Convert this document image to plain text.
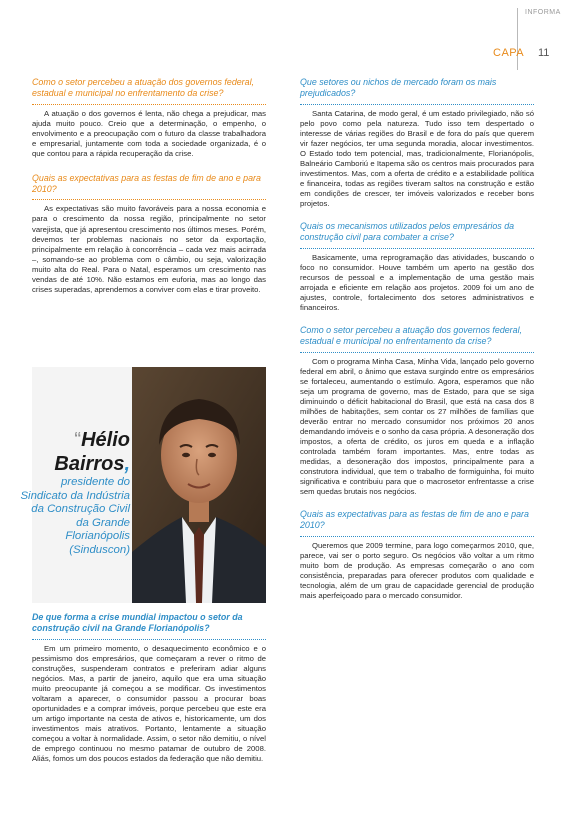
INFORMA
CAPA 11

Como o setor percebeu a atuação dos governos federal, estadual e municipal no enfrentamento da crise?

A atuação o dos governos é lenta, não chega a prejudicar, mas ajuda muito pouco. Creio que a determinação, o empenho, o envolvimento e a preocupação com o futuro da classe trabalhadora e empresarial, juntamente com toda a sociedade organizada, é o que contou para a rápida recuperação da crise.

Quais as expectativas para as festas de fim de ano e para 2010?

As expectativas são muito favoráveis para a nossa economia e para o crescimento da nossa região, principalmente no setor varejista, que já apresentou crescimento nos últimos meses. Porém, devemos ter problemas nacionais no setor da exportação, principalmente em relação à concorrência – cada vez mais acirrada –, somando-se ao problema com o câmbio, ou seja, valorização muito alta do Real. Para o Natal, esperamos um crescimento nas vendas de até 10%. Não estamos em euforia, mas ao longo das crises superadas, aprendemos a conviver com elas e tirar proveito.

“Hélio
Bairros,
presidente do Sindicato da Indústria da Construção Civil da Grande Florianópolis (Sinduscon)

De que forma a crise mundial impactou o setor da construção civil na Grande Florianópolis?

Em um primeiro momento, o desaquecimento econômico e o pessimismo dos empresários, que começaram a rever o ritmo de construções, suspenderam contratos e preferiram adiar alguns negócios. Mas, a partir de janeiro, aquilo que era uma situação muito preocupante já começou a se modificar. Os investimentos voltaram a aparecer, o consumidor passou a procurar boas oportunidades e a comprar imóveis, porque percebeu que este era um artigo importante na cesta de ativos e, historicamente, um dos investimentos mais atrativos. Portanto, lentamente a situação começou a voltar à normalidade. Assim, o setor não demitiu, o nível de emprego continuou no mesmo patamar de outubro de 2008. Aliás, fomos um dos poucos estados da federação que não demitiu.

Que setores ou nichos de mercado foram os mais prejudicados?

Santa Catarina, de modo geral, é um estado privilegiado, não só pelo povo como pela natureza. Tudo isso tem despertado o interesse de várias regiões do Brasil e de fora do país que querem vir fazer negócios, ter uma segunda moradia, alocar investimentos. O Estado todo tem potencial, mas, tradicionalmente, Florianópolis, Balneário Camboriú e Itapema são os centros mais procurados para investimentos. Mas, com a oferta de crédito e a estabilidade política e financeira, todas as regiões tiveram saltos na construção e estão em condições de crescer, ter imóveis valorizados e receber bons projetos.

Quais os mecanismos utilizados pelos empresários da construção civil para combater a crise?

Basicamente, uma reprogramação das atividades, buscando o foco no consumidor. Houve também um aperto na gestão dos recursos de pessoal e a implementação de uma gestão mais arrojada e eficiente em relação aos projetos. 2009 foi um ano de ajustes, controle, fortalecimento dos setores administrativos e financeiros.

Como o setor percebeu a atuação dos governos federal, estadual e municipal no enfrentamento da crise?

Com o programa Minha Casa, Minha Vida, lançado pelo governo federal em abril, o ânimo que estava surgindo entre os empresários se fortaleceu, aumentando o estímulo. Agora, esperamos que não seja um programa de governo, mas de Estado, para que se siga diminuindo o déficit habitacional do Brasil, que está na casa dos 8 milhões de habitações, sem contar os 27 milhões de famílias que deverão entrar no mercado consumidor nos próximos 20 anos demandando imóveis e o sonho da casa própria. A desoneração dos impostos, a oferta de crédito, os juros em queda e a inflação controlada também foram importantes. Mas, entre todas as medidas, a desoneração dos impostos, principalmente para a construtora individual, que tem o trabalho de formiguinha, foi muito significativa e contribuiu para que o macrosetor enfrentasse a crise sem quedas brutais nos negócios.

Quais as expectativas para as festas de fim de ano e para 2010?

Queremos que 2009 termine, para logo começarmos 2010, que, parece, vai ser o porto seguro. Os negócios vão voltar a um ritmo muito bom de produção. As empresas começarão o ano com consistência, preparadas para oferecer produtos com qualidade e tecnologia, além de um grau de capacidade gerencial de produção mais aperfeiçoado para o mercado consumidor.
